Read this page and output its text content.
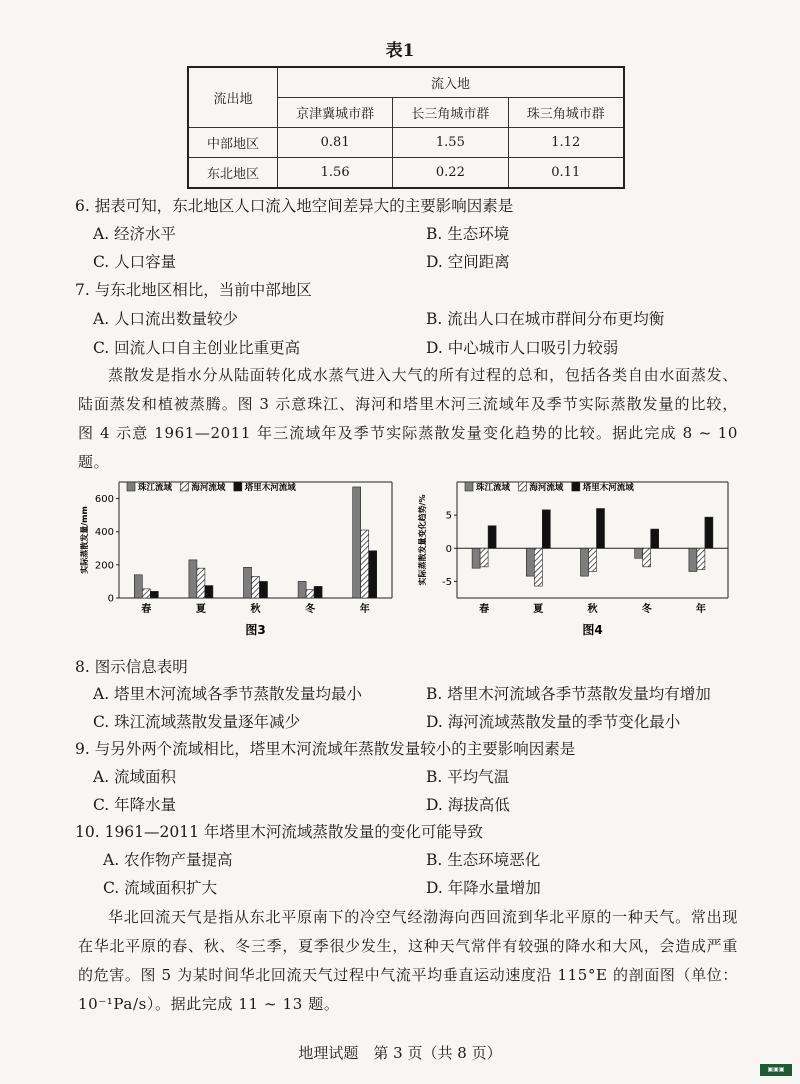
表1
流出地	流入地		
	京津冀城市群	长三角城市群	珠三角城市群
中部地区	0.81	1.55	1.12
东北地区	1.56	0.22	0.11
6. 据表可知，东北地区人口流入地空间差异大的主要影响因素是
A. 经济水平	B. 生态环境
C. 人口容量	D. 空间距离
7. 与东北地区相比，当前中部地区
A. 人口流出数量较少	B. 流出人口在城市群间分布更均衡
C. 回流人口自主创业比重更高	D. 中心城市人口吸引力较弱

蒸散发是指水分从陆面转化成水蒸气进入大气的所有过程的总和，包括各类自由水面蒸发、陆面蒸发和植被蒸腾。图 3 示意珠江、海河和塔里木河三流域年及季节实际蒸散发量的比较，图 4 示意 1961—2011 年三流域年及季节实际蒸散发量变化趋势的比较。据此完成 8 ~ 10 题。

0
200
400
600
实际蒸散发量/mm
春	夏	秋	冬	年
珠江流域 海河流域 塔里木河流域
图3
-5
0
5
实际蒸散发量变化趋势/%
春	夏	秋	冬	年
珠江流域 海河流域 塔里木河流域
图4
8. 图示信息表明
A. 塔里木河流域各季节蒸散发量均最小	B. 塔里木河流域各季节蒸散发量均有增加
C. 珠江流域蒸散发量逐年减少	D. 海河流域蒸散发量的季节变化最小
9. 与另外两个流域相比，塔里木河流域年蒸散发量较小的主要影响因素是
A. 流域面积	B. 平均气温
C. 年降水量	D. 海拔高低
10. 1961—2011 年塔里木河流域蒸散发量的变化可能导致
A. 农作物产量提高	B. 生态环境恶化
C. 流域面积扩大	D. 年降水量增加

华北回流天气是指从东北平原南下的冷空气经渤海向西回流到华北平原的一种天气。常出现在华北平原的春、秋、冬三季，夏季很少发生，这种天气常伴有较强的降水和大风，会造成严重的危害。图 5 为某时间华北回流天气过程中气流平均垂直运动速度沿 115°E 的剖面图（单位：10⁻¹Pa/s）。据此完成 11 ~ 13 题。

地理试题　第 3 页（共 8 页）
▣▣▣
